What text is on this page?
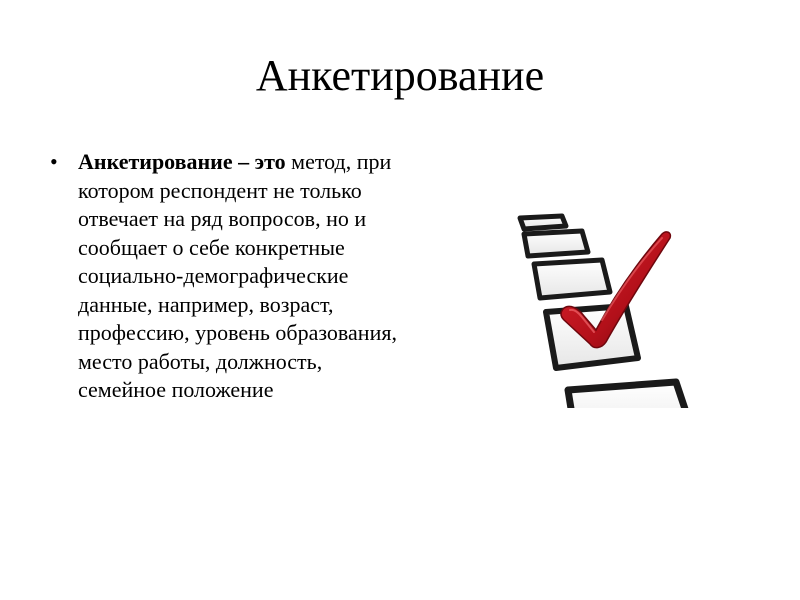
Анкетирование
• Анкетирование – это метод, при котором респондент не только отвечает на ряд вопросов, но и сообщает о себе конкретные социально-демографические данные, например, возраст, профессию, уровень образования, место работы, должность, семейное положение
